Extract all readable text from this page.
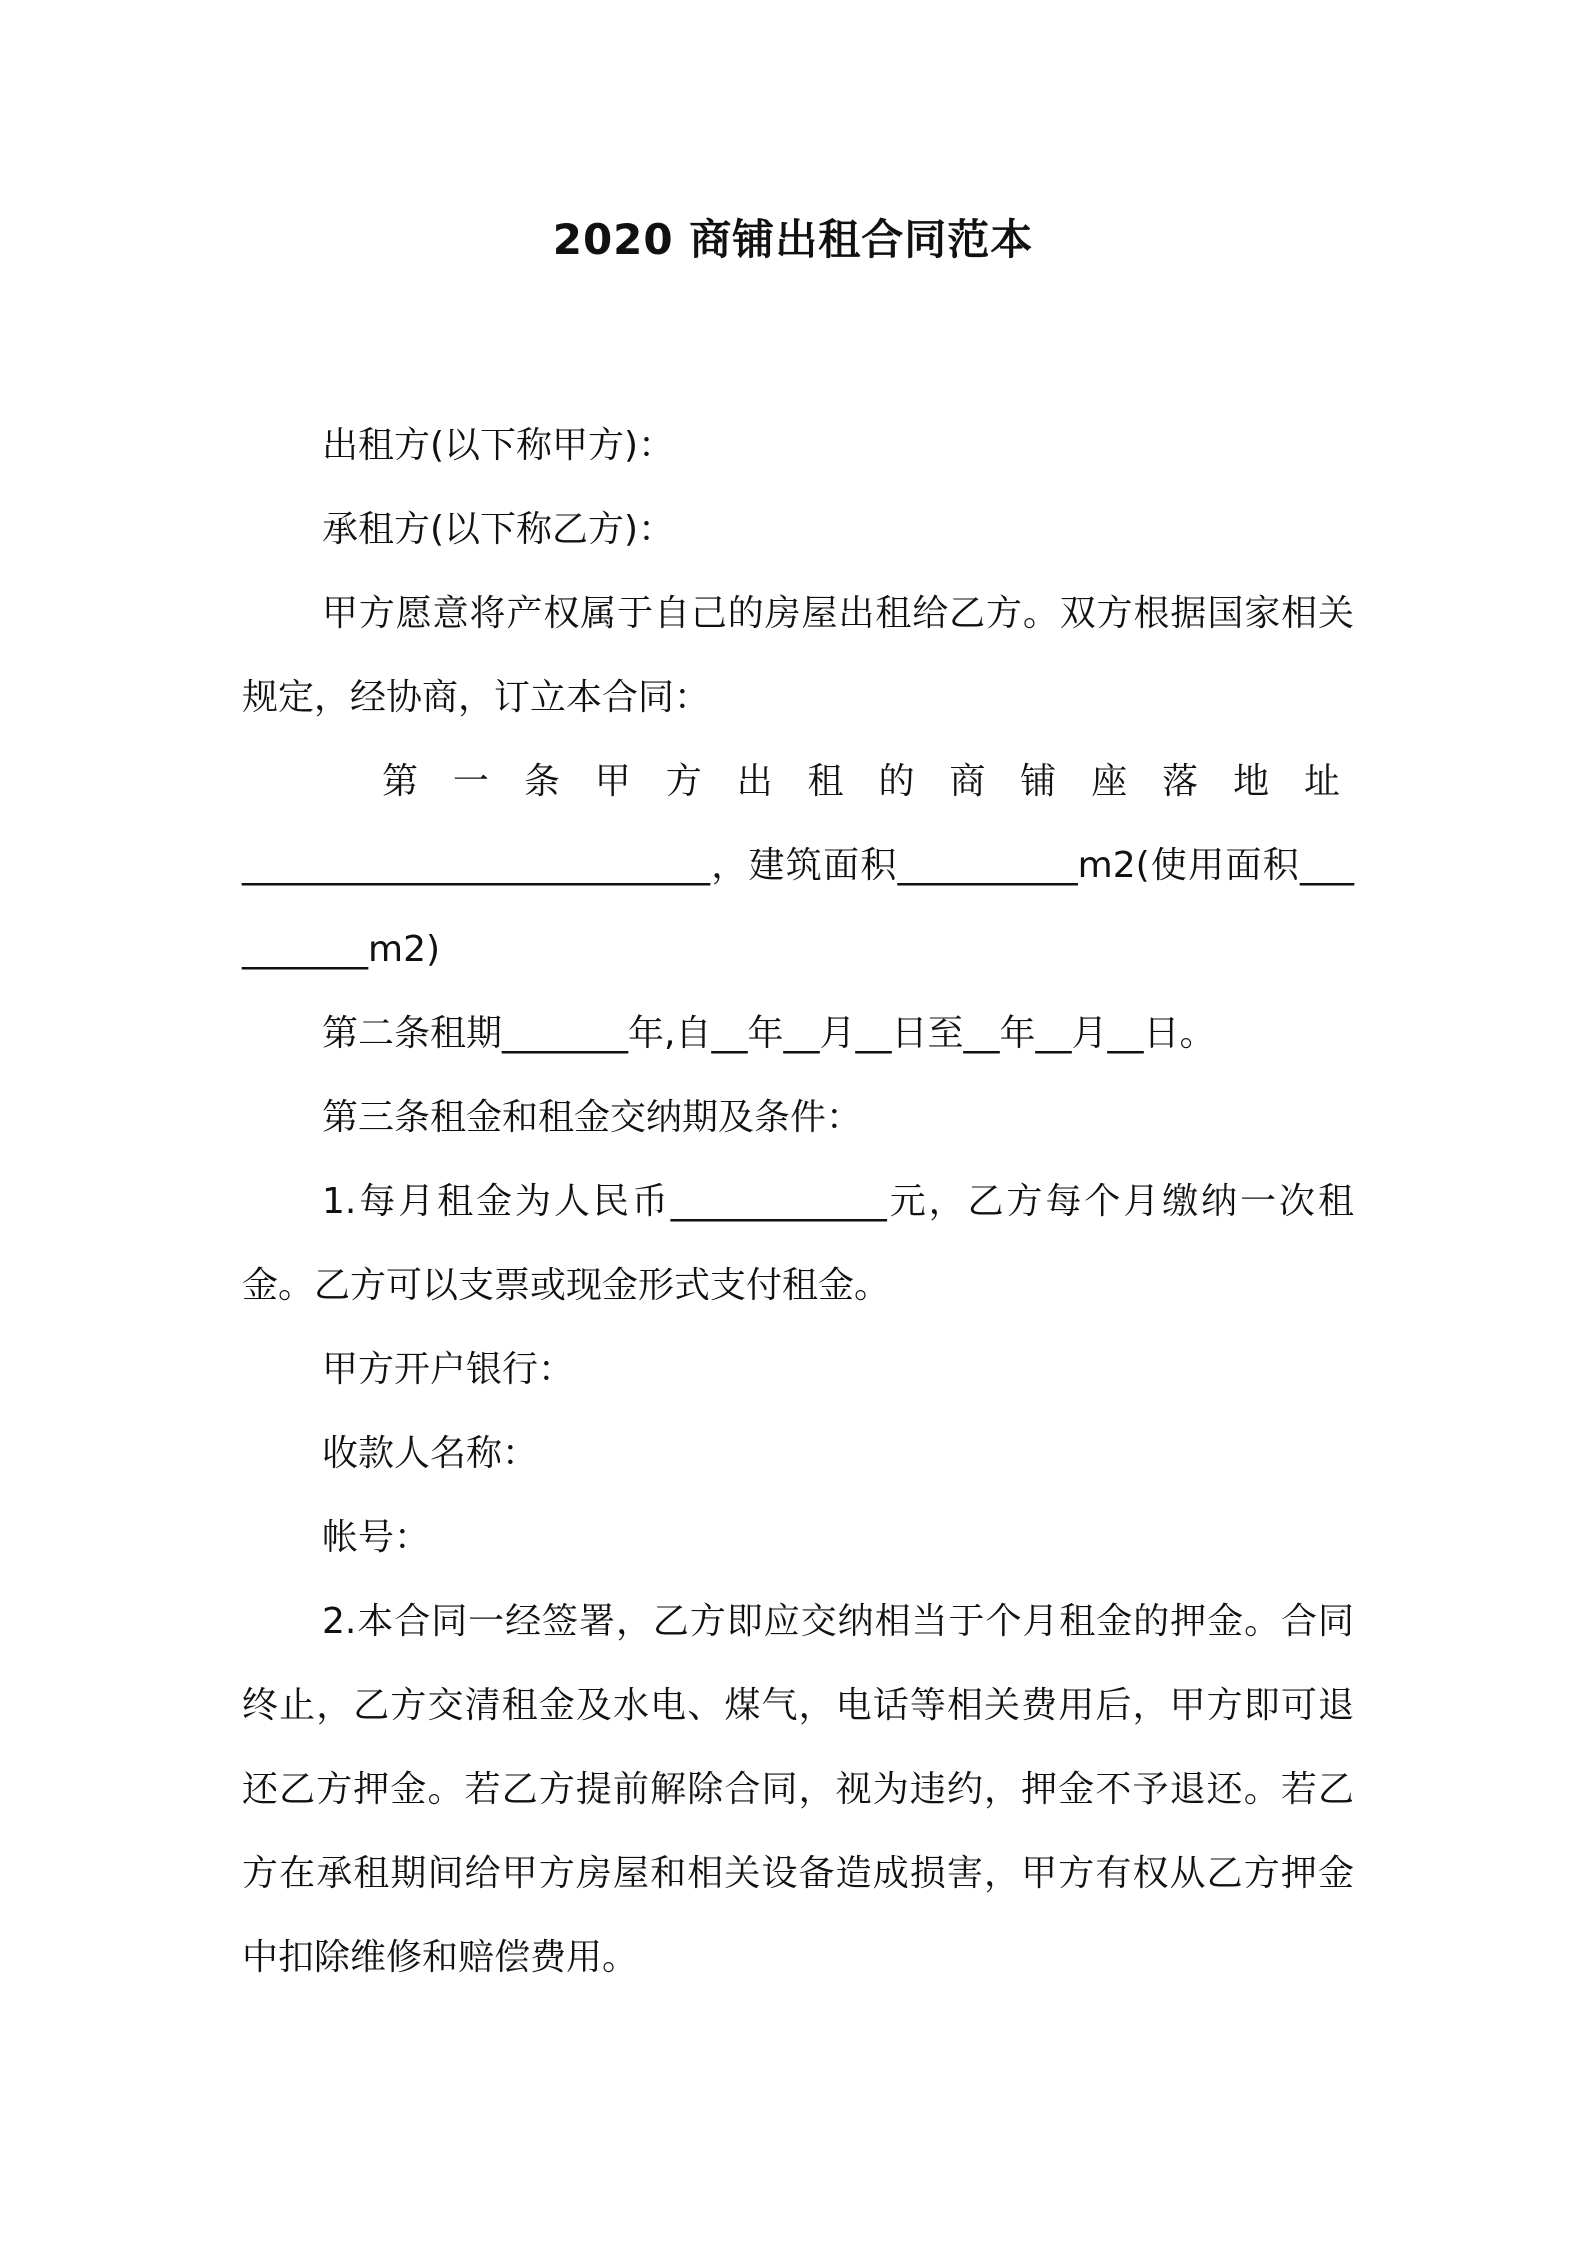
2020 商铺出租合同范本

出租方(以下称甲方)：

承租方(以下称乙方)：

甲方愿意将产权属于自己的房屋出租给乙方。双方根据国家相关规定，经协商，订立本合同：

第一条甲方出租的商铺座落地址

__________________________，建筑面积__________m2(使用面积__________m2)

第二条租期_______年,自__年__月__日至__年__月__日。

第三条租金和租金交纳期及条件：

1.每月租金为人民币____________元，乙方每个月缴纳一次租金。乙方可以支票或现金形式支付租金。

甲方开户银行：

收款人名称：

帐号：

2.本合同一经签署，乙方即应交纳相当于个月租金的押金。合同终止，乙方交清租金及水电、煤气，电话等相关费用后，甲方即可退还乙方押金。若乙方提前解除合同，视为违约，押金不予退还。若乙方在承租期间给甲方房屋和相关设备造成损害，甲方有权从乙方押金中扣除维修和赔偿费用。
